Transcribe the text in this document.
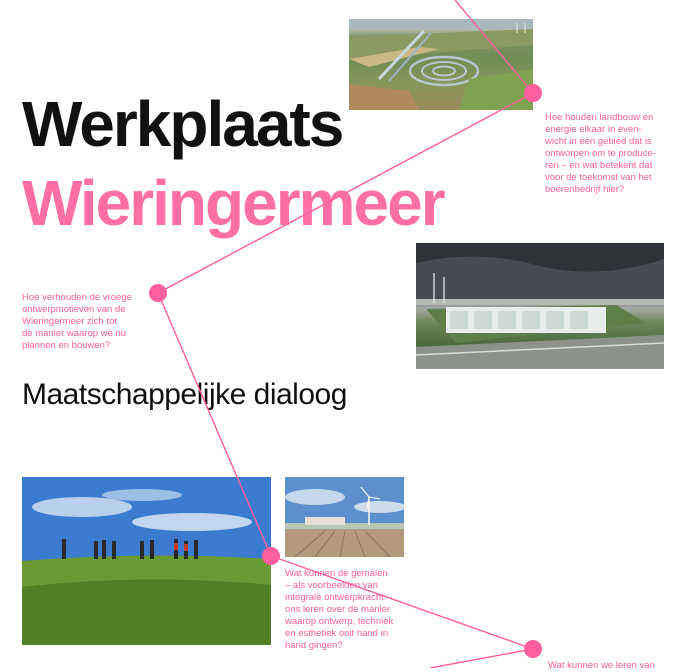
Werkplaats
Wieringermeer
Maatschappelijke dialoog
Hoe houden landbouw en
energie elkaar in even-
wicht in een gebied dat is
ontworpen om te produce-
ren – en wat betekent dat
voor de toekomst van het
boerenbedrijf hier?
Hoe verhouden de vroege
ontwerpmotieven van de
Wieringermeer zich tot
de manier waarop we nu
plannen en bouwen?
Wat kunnen de gemalen
– als voorbeelden van
integrale ontwerpkracht –
ons leren over de manier
waarop ontwerp, techniek
en esthetiek ooit hand in
hand gingen?
Wat kunnen we leren van
